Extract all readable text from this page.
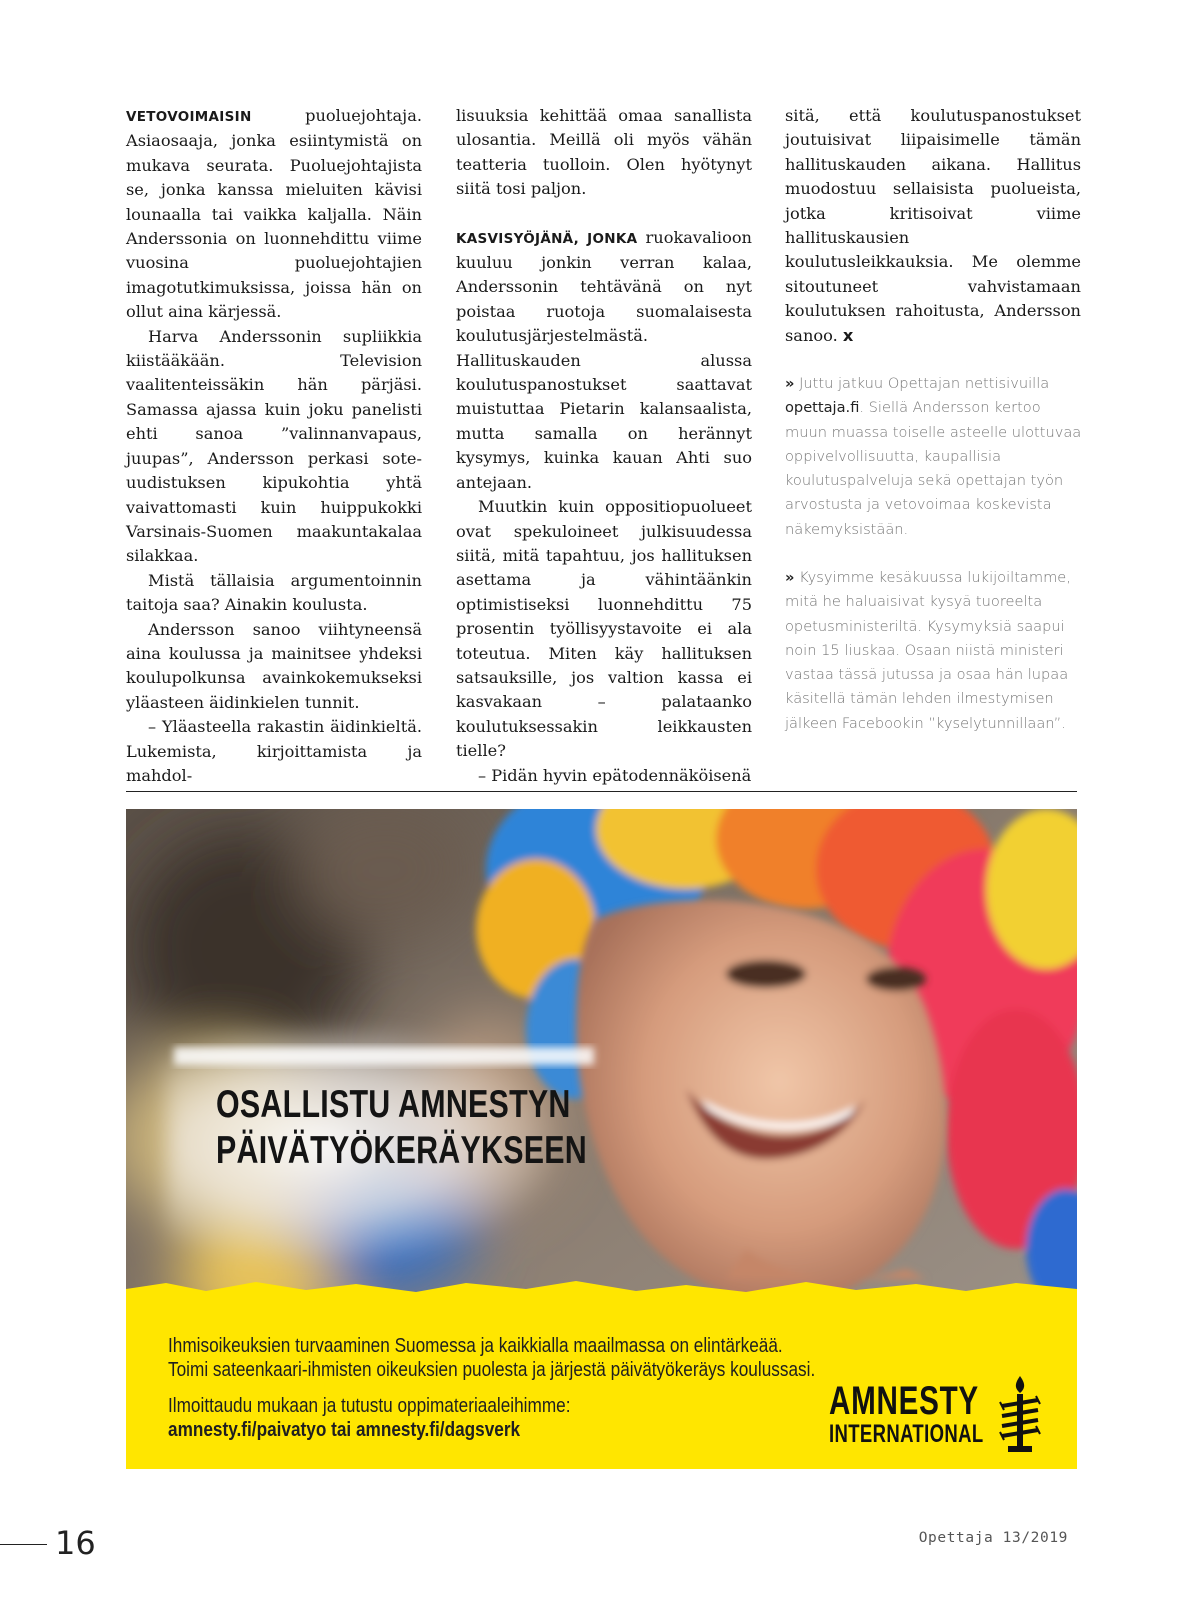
VETOVOIMAISIN puoluejohtaja. Asiaosaaja, jonka esiintymistä on mukava seurata. Puoluejohtajista se, jonka kanssa mieluiten kävisi lounaalla tai vaikka kaljalla. Näin Anderssonia on luonnehdittu viime vuosina puoluejohtajien imagotutkimuksissa, joissa hän on ollut aina kärjessä.

Harva Anderssonin supliikkia kiistääkään. Television vaalitenteissäkin hän pärjäsi. Samassa ajassa kuin joku panelisti ehti sanoa ”valinnanvapaus, juupas”, Andersson perkasi sote-uudistuksen kipukohtia yhtä vaivattomasti kuin huippukokki Varsinais-Suomen maakuntakalaa silakkaa.

Mistä tällaisia argumentoinnin taitoja saa? Ainakin koulusta.

Andersson sanoo viihtyneensä aina koulussa ja mainitsee yhdeksi koulupolkunsa avainkokemukseksi yläasteen äidinkielen tunnit.

– Yläasteella rakastin äidinkieltä. Lukemista, kirjoittamista ja mahdol-

lisuuksia kehittää omaa sanallista ulosantia. Meillä oli myös vähän teatteria tuolloin. Olen hyötynyt siitä tosi paljon.

KASVISYÖJÄNÄ, JONKA ruokavalioon kuuluu jonkin verran kalaa, Anderssonin tehtävänä on nyt poistaa ruotoja suomalaisesta koulutusjärjestelmästä. Hallituskauden alussa koulutuspanostukset saattavat muistuttaa Pietarin kalansaalista, mutta samalla on herännyt kysymys, kuinka kauan Ahti suo antejaan.

Muutkin kuin oppositiopuolueet ovat spekuloineet julkisuudessa siitä, mitä tapahtuu, jos hallituksen asettama ja vähintäänkin optimistiseksi luonnehdittu 75 prosentin työllisyystavoite ei ala toteutua. Miten käy hallituksen satsauksille, jos valtion kassa ei kasvakaan – palataanko koulutuksessakin leikkausten tielle?

– Pidän hyvin epätodennäköisenä

sitä, että koulutuspanostukset joutuisivat liipaisimelle tämän hallituskauden aikana. Hallitus muodostuu sellaisista puolueista, jotka kritisoivat viime hallituskausien koulutusleikkauksia. Me olemme sitoutuneet vahvistamaan koulutuksen rahoitusta, Andersson sanoo. x

» Juttu jatkuu Opettajan nettisivuilla opettaja.fi. Siellä Andersson kertoo muun muassa toiselle asteelle ulottuvaa oppivelvollisuutta, kaupallisia koulutuspalveluja sekä opettajan työn arvostusta ja vetovoimaa koskevista näkemyksistään.
» Kysyimme kesäkuussa lukijoiltamme, mitä he haluaisivat kysyä tuoreelta opetusministeriltä. Kysymyksiä saapui noin 15 liuskaa. Osaan niistä ministeri vastaa tässä jutussa ja osaa hän lupaa käsitellä tämän lehden ilmestymisen jälkeen Facebookin ”kyselytunnillaan”.
OSALLISTU AMNESTYN
PÄIVÄTYÖKERÄYKSEEN
Ihmisoikeuksien turvaaminen Suomessa ja kaikkialla maailmassa on elintärkeää.
Toimi sateenkaari-ihmisten oikeuksien puolesta ja järjestä päivätyökeräys koulussasi.
Ilmoittaudu mukaan ja tutustu oppimateriaaleihimme:
amnesty.fi/paivatyo tai amnesty.fi/dagsverk
AMNESTY
INTERNATIONAL
16	Opettaja 13/2019
